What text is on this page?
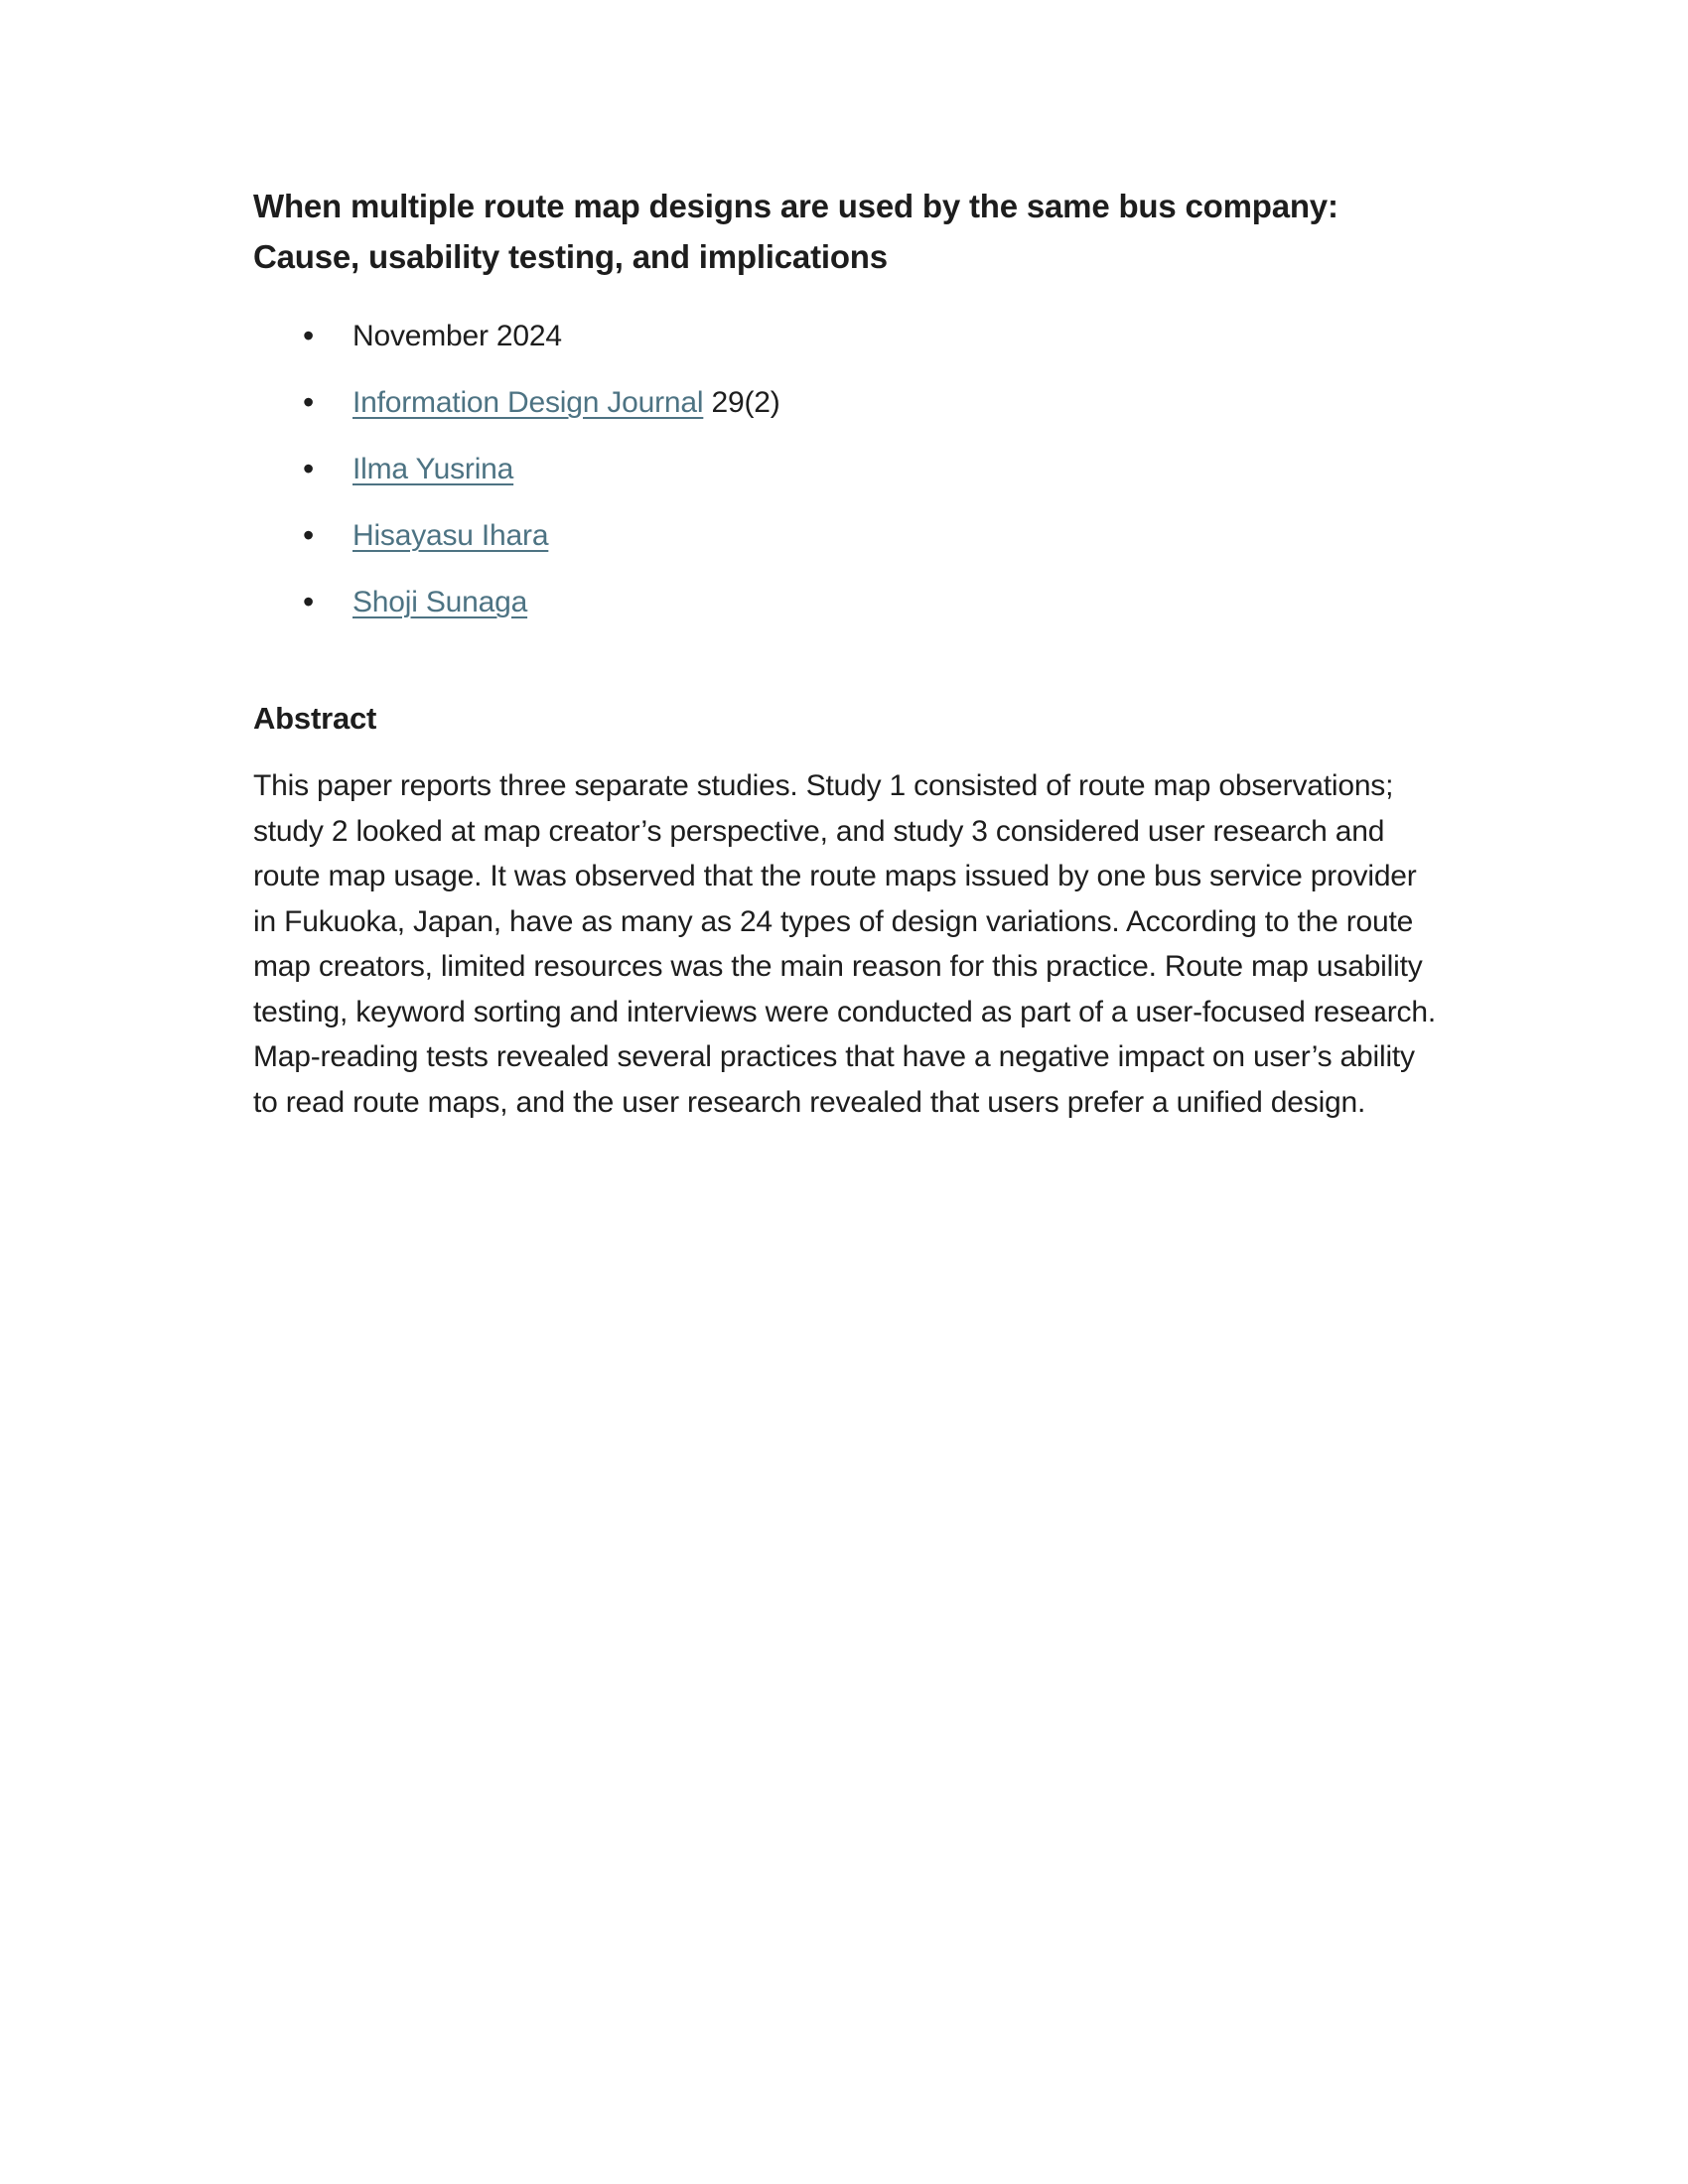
When multiple route map designs are used by the same bus company: Cause, usability testing, and implications
• November 2024
• Information Design Journal 29(2)
• Ilma Yusrina
• Hisayasu Ihara
• Shoji Sunaga
Abstract

This paper reports three separate studies. Study 1 consisted of route map observations; study 2 looked at map creator’s perspective, and study 3 considered user research and route map usage. It was observed that the route maps issued by one bus service provider in Fukuoka, Japan, have as many as 24 types of design variations. According to the route map creators, limited resources was the main reason for this practice. Route map usability testing, keyword sorting and interviews were conducted as part of a user-focused research. Map-reading tests revealed several practices that have a negative impact on user’s ability to read route maps, and the user research revealed that users prefer a unified design.
